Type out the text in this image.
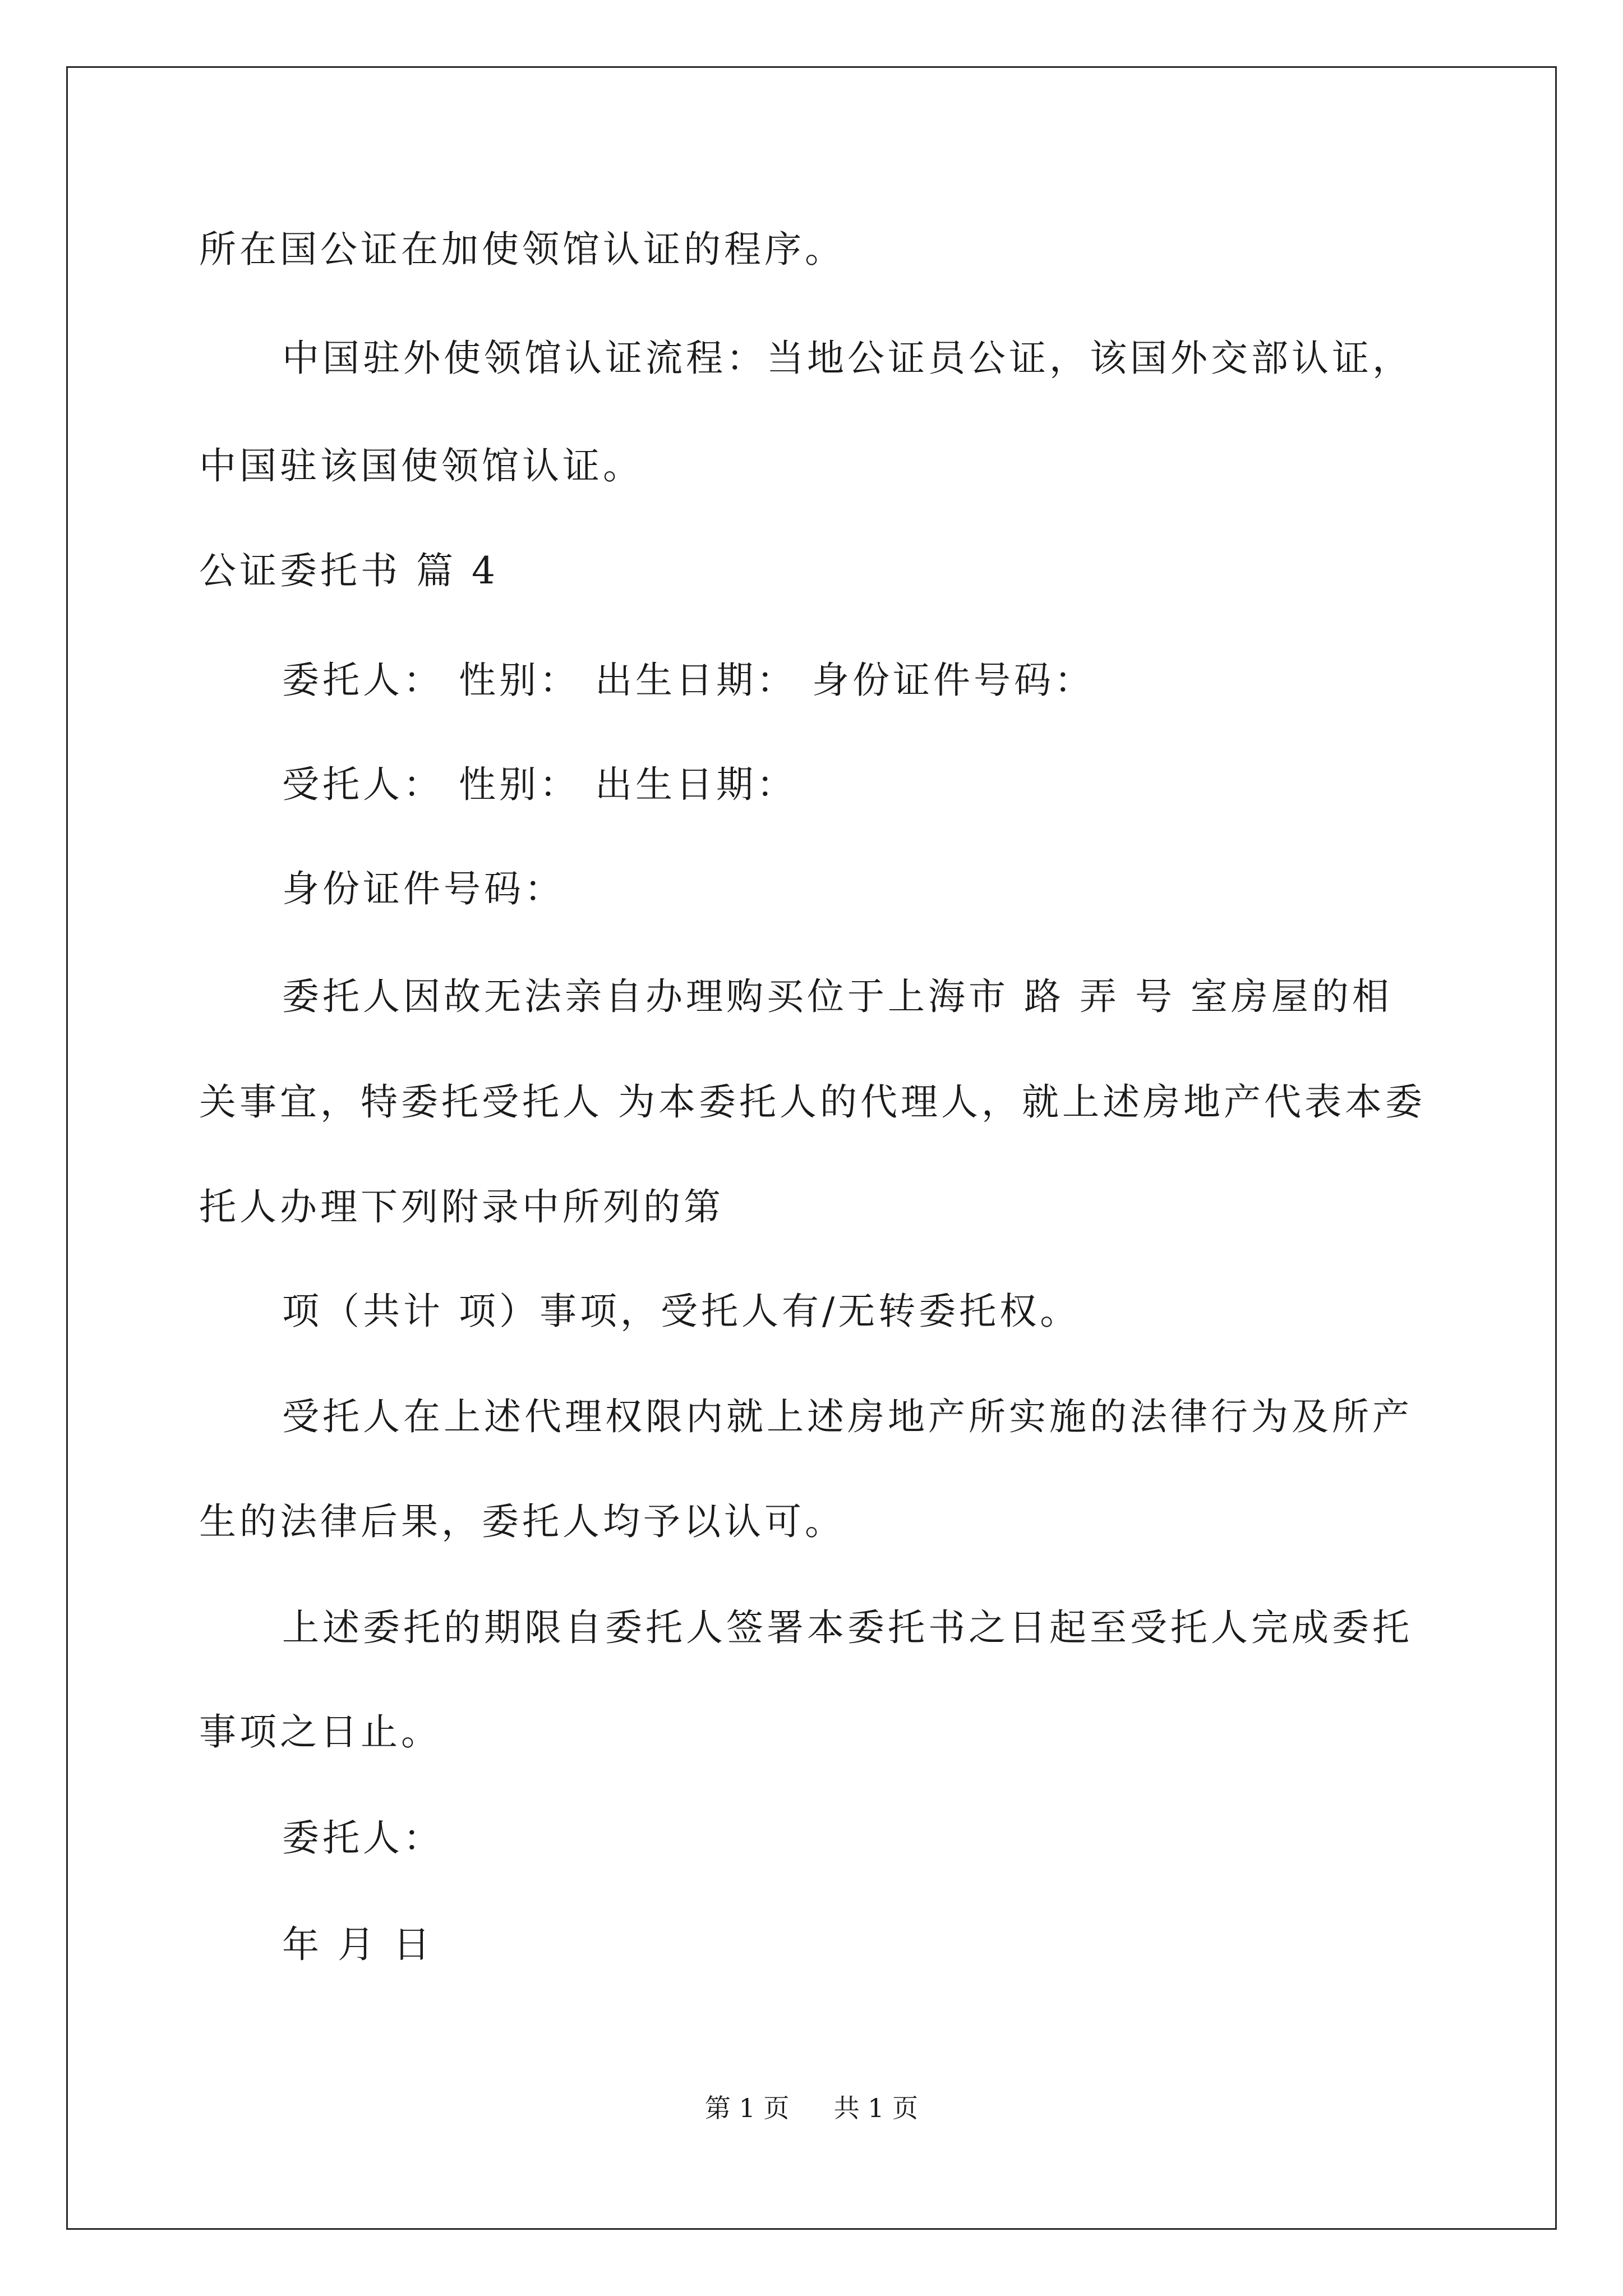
所在国公证在加使领馆认证的程序。
中国驻外使领馆认证流程：当地公证员公证，该国外交部认证，
中国驻该国使领馆认证。
公证委托书 篇 4
委托人： 性别： 出生日期： 身份证件号码：
受托人： 性别： 出生日期：
身份证件号码：
委托人因故无法亲自办理购买位于上海市 路 弄 号 室房屋的相
关事宜，特委托受托人 为本委托人的代理人，就上述房地产代表本委
托人办理下列附录中所列的第
项（共计 项）事项，受托人有/无转委托权。
受托人在上述代理权限内就上述房地产所实施的法律行为及所产
生的法律后果，委托人均予以认可。
上述委托的期限自委托人签署本委托书之日起至受托人完成委托
事项之日止。
委托人：
年 月 日
第 1 页 共 1 页
